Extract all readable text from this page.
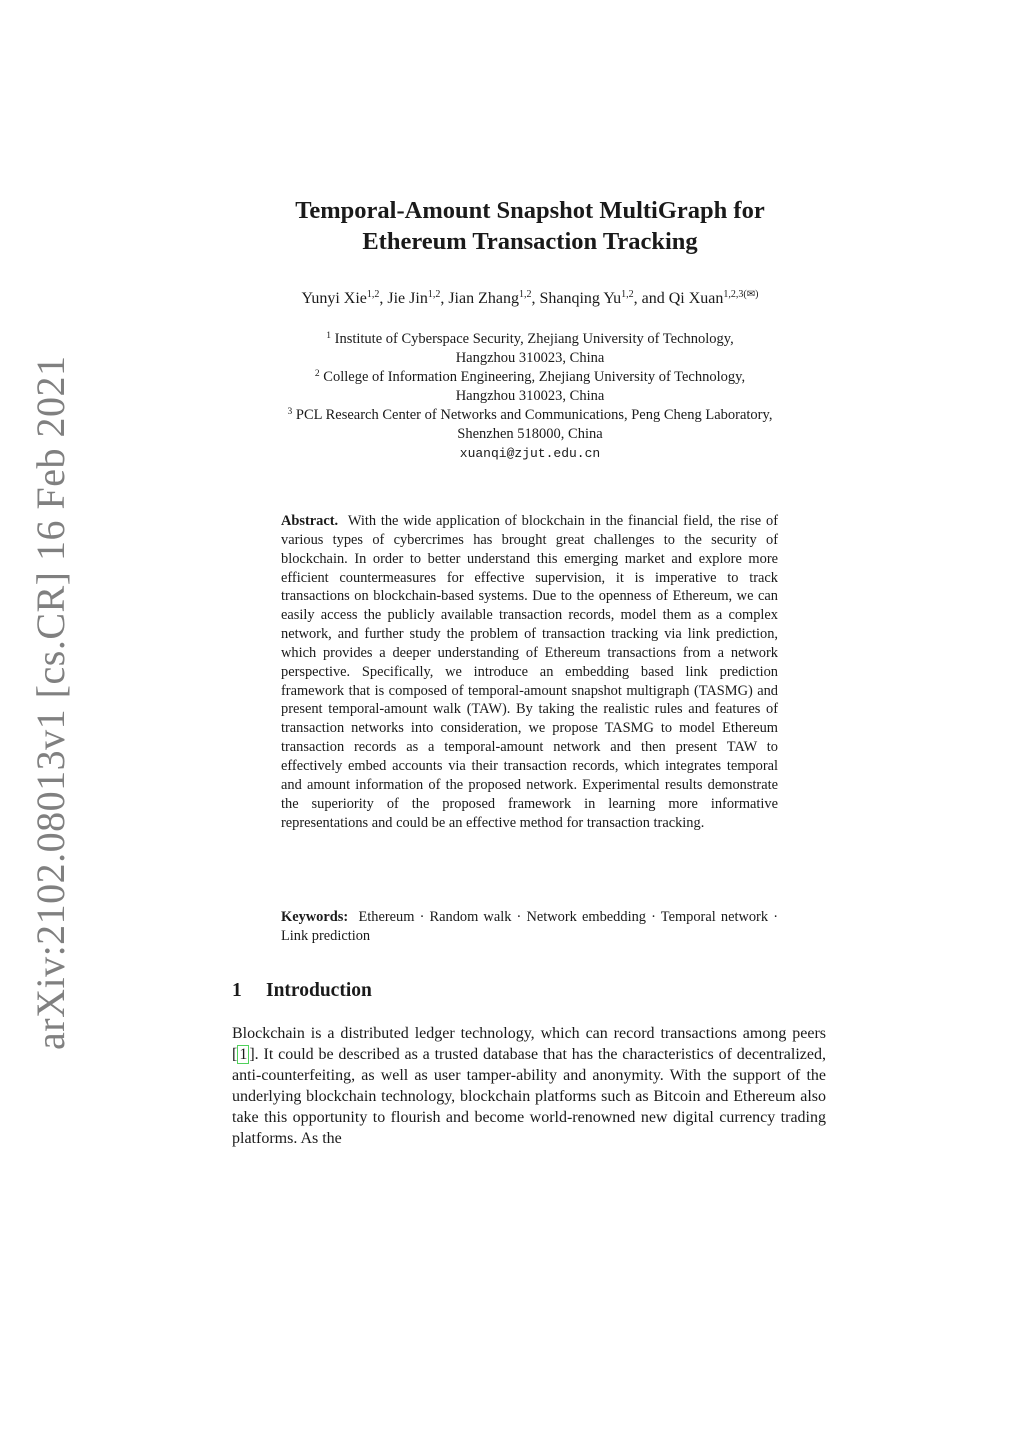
arXiv:2102.08013v1 [cs.CR] 16 Feb 2021
Temporal-Amount Snapshot MultiGraph for
Ethereum Transaction Tracking
Yunyi Xie$^{1,2}$, Jie Jin$^{1,2}$, Jian Zhang$^{1,2}$, Shanqing Yu$^{1,2}$, and Qi Xuan$^{1,2,3(✉)}$
$^1$ Institute of Cyberspace Security, Zhejiang University of Technology,
Hangzhou 310023, China
$^2$ College of Information Engineering, Zhejiang University of Technology,
Hangzhou 310023, China
$^3$ PCL Research Center of Networks and Communications, Peng Cheng Laboratory,
Shenzhen 518000, China
xuanqi@zjut.edu.cn
Abstract. With the wide application of blockchain in the financial field, the rise of various types of cybercrimes has brought great challenges to the security of blockchain. In order to better understand this emerging market and explore more efficient countermeasures for effective supervision, it is imperative to track transactions on blockchain-based systems. Due to the openness of Ethereum, we can easily access the publicly available transaction records, model them as a complex network, and further study the problem of transaction tracking via link prediction, which provides a deeper understanding of Ethereum transactions from a network perspective. Specifically, we introduce an embedding based link prediction framework that is composed of temporal-amount snapshot multigraph (TASMG) and present temporal-amount walk (TAW). By taking the realistic rules and features of transaction networks into consideration, we propose TASMG to model Ethereum transaction records as a temporal-amount network and then present TAW to effectively embed accounts via their transaction records, which integrates temporal and amount information of the proposed network. Experimental results demonstrate the superiority of the proposed framework in learning more informative representations and could be an effective method for transaction tracking.
Keywords: Ethereum · Random walk · Network embedding · Temporal network · Link prediction
1 Introduction
Blockchain is a distributed ledger technology, which can record transactions among peers [ 1 ]. It could be described as a trusted database that has the characteristics of decentralized, anti-counterfeiting, as well as user tamper-ability and anonymity. With the support of the underlying blockchain technology, blockchain platforms such as Bitcoin and Ethereum also take this opportunity to flourish and become world-renowned new digital currency trading platforms. As the
